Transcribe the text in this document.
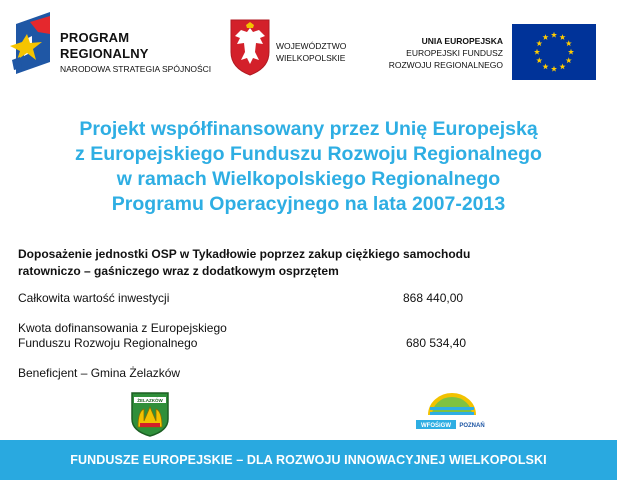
PROGRAM
REGIONALNY
NARODOWA STRATEGIA SPÓJNOŚCI
WOJEWÓDZTWO
WIELKOPOLSKIE
UNIA EUROPEJSKA
EUROPEJSKI FUNDUSZ
ROZWOJU REGIONALNEGO
Projekt współfinansowany przez Unię Europejską
z Europejskiego Funduszu Rozwoju Regionalnego
w ramach Wielkopolskiego Regionalnego
Programu Operacyjnego na lata 2007-2013
Doposażenie jednostki OSP w Tykadłowie poprzez zakup ciężkiego samochodu
ratowniczo – gaśniczego wraz z dodatkowym osprzętem
Całkowita wartość inwestycji	868 440,00
Kwota dofinansowania z Europejskiego
Funduszu Rozwoju Regionalnego	680 534,40
Beneficjent – Gmina Żelazków
ŻELAZKÓW
WFOŚiGW POZNAŃ
FUNDUSZE EUROPEJSKIE – DLA ROZWOJU INNOWACYJNEJ WIELKOPOLSKI
